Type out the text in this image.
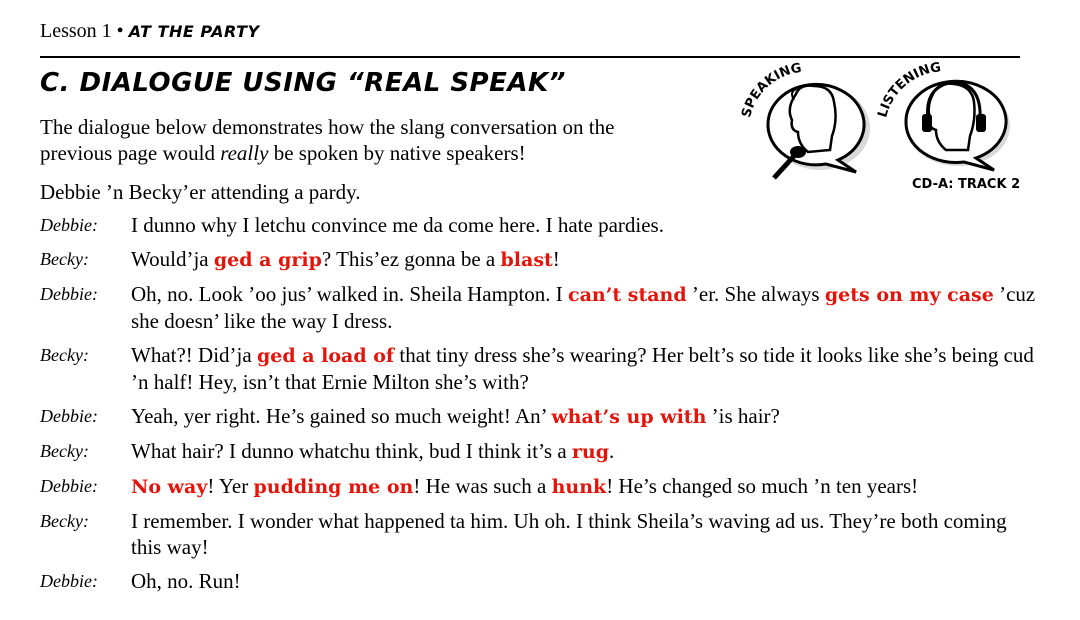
Lesson 1 • AT THE PARTY
C. DIALOGUE USING “REAL SPEAK”
The dialogue below demonstrates how the slang conversation on the previous page would really be spoken by native speakers!
SPEAKING
LISTENING
CD-A: TRACK 2
Debbie ’n Becky’er attending a pardy.
Debbie:	I dunno why I letchu convince me da come here. I hate pardies.
Becky:	Would’ja ged a grip? This’ez gonna be a blast!
Debbie:	Oh, no. Look ’oo jus’ walked in. Sheila Hampton. I can’t stand ’er. She always gets on my case ’cuz she doesn’ like the way I dress.
Becky:	What?! Did’ja ged a load of that tiny dress she’s wearing? Her belt’s so tide it looks like she’s being cud ’n half! Hey, isn’t that Ernie Milton she’s with?
Debbie:	Yeah, yer right. He’s gained so much weight! An’ what’s up with ’is hair?
Becky:	What hair? I dunno whatchu think, bud I think it’s a rug.
Debbie:	No way! Yer pudding me on! He was such a hunk! He’s changed so much ’n ten years!
Becky:	I remember. I wonder what happened ta him. Uh oh. I think Sheila’s waving ad us. They’re both coming this way!
Debbie:	Oh, no. Run!
